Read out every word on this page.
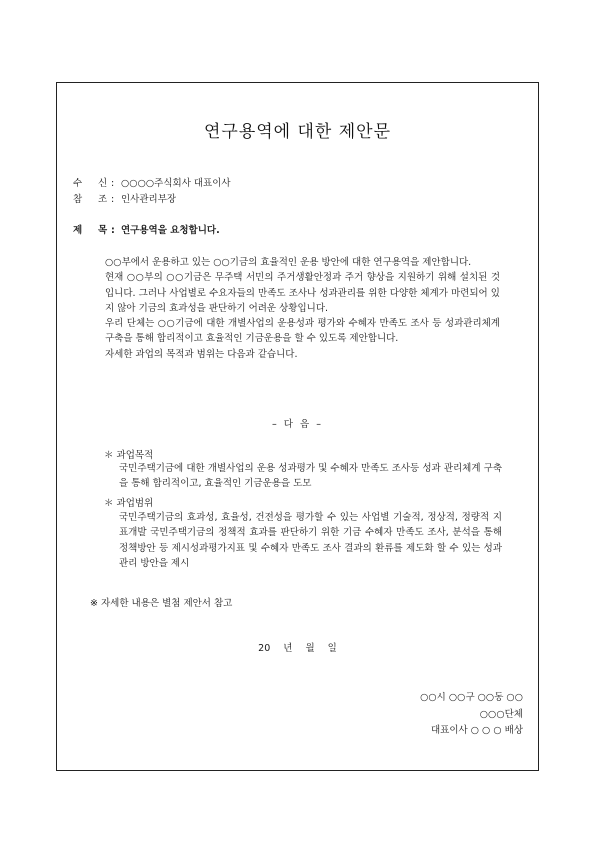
연구용역에 대한 제안문
수 신 : ○○○○주식회사 대표이사
참 조 : 인사관리부장
제 목 : 연구용역을 요청합니다.

○○부에서 운용하고 있는 ○○기금의 효율적인 운용 방안에 대한 연구용역을 제안합니다.

현재 ○○부의 ○○기금은 무주택 서민의 주거생활안정과 주거 향상을 지원하기 위해 설치된 것입니다. 그러나 사업별로 수요자들의 만족도 조사나 성과관리를 위한 다양한 체계가 마련되어 있지 않아 기금의 효과성을 판단하기 어려운 상황입니다.

우리 단체는 ○○기금에 대한 개별사업의 운용성과 평가와 수혜자 만족도 조사 등 성과관리체계 구축을 통해 합리적이고 효율적인 기금운용을 할 수 있도록 제안합니다.

자세한 과업의 목적과 범위는 다음과 같습니다.

– 다 음 –
＊ 과업목적
국민주택기금에 대한 개별사업의 운용 성과평가 및 수혜자 만족도 조사등 성과 관리체계 구축을 통해 합리적이고, 효율적인 기금운용을 도모
＊ 과업범위
국민주택기금의 효과성, 효율성, 건전성을 평가할 수 있는 사업별 기술적, 정상적, 정량적 지표개발 국민주택기금의 정책적 효과를 판단하기 위한 기금 수혜자 만족도 조사, 분석을 통해 정책방안 등 제시성과평가지표 및 수혜자 만족도 조사 결과의 환류를 제도화 할 수 있는 성과관리 방안을 제시
※ 자세한 내용은 별첨 제안서 참고
20 년 월 일
○○시 ○○구 ○○동 ○○
○○○단체
대표이사 ○ ○ ○ 배상
